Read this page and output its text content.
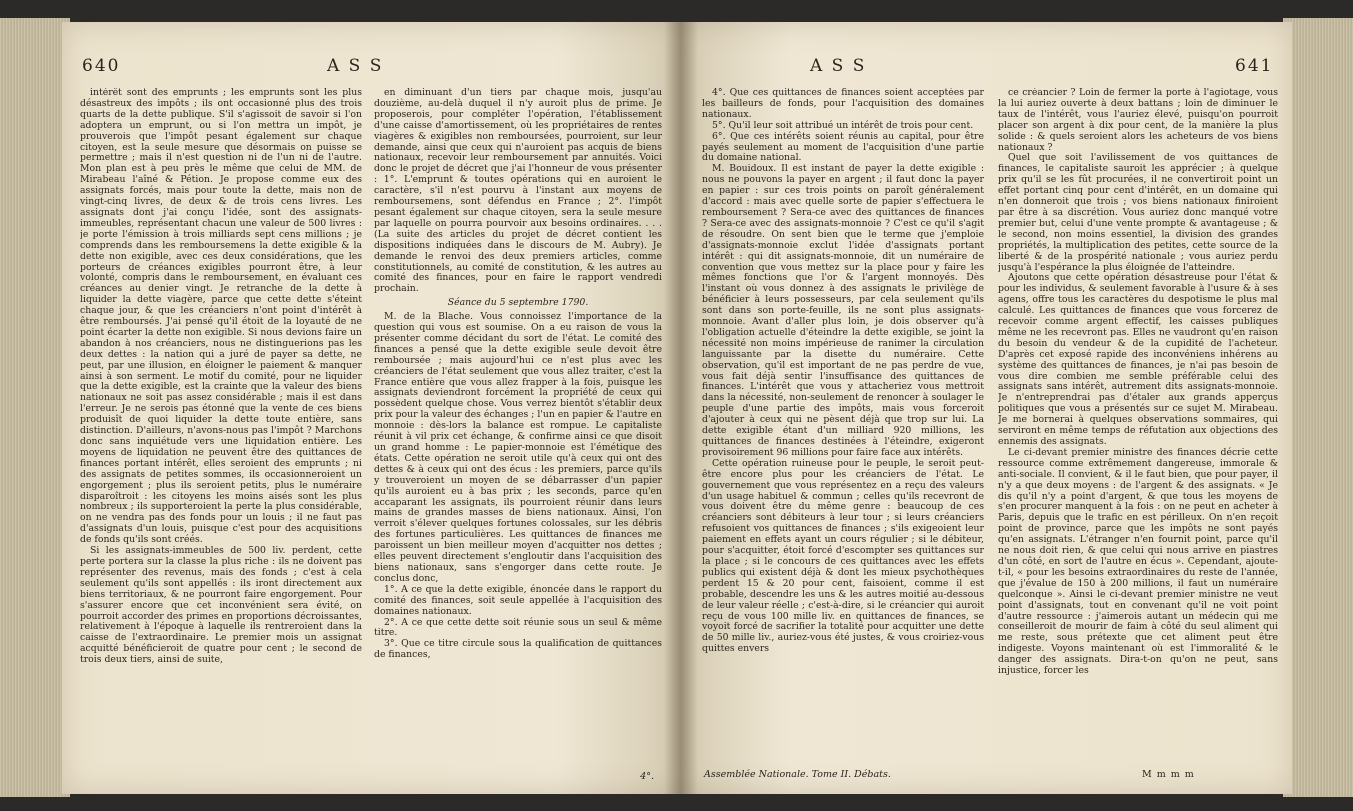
640	A S S

intérêt sont des emprunts ; les emprunts sont les plus désastreux des impôts ; ils ont occasionné plus des trois quarts de la dette publique. S'il s'agissoit de savoir si l'on adoptera un emprunt, ou si l'on mettra un impôt, je prouverois que l'impôt pesant également sur chaque citoyen, est la seule mesure que désormais on puisse se permettre ; mais il n'est question ni de l'un ni de l'autre. Mon plan est à peu près le même que celui de MM. de Mirabeau l'aîné & Pétion. Je propose comme eux des assignats forcés, mais pour toute la dette, mais non de vingt-cinq livres, de deux & de trois cens livres. Les assignats dont j'ai conçu l'idée, sont des assignats-immeubles, représentant chacun une valeur de 500 livres : je porte l'émission à trois milliards sept cens millions ; je comprends dans les remboursemens la dette exigible & la dette non exigible, avec ces deux considérations, que les porteurs de créances exigibles pourront être, à leur volonté, compris dans le remboursement, en évaluant ces créances au denier vingt. Je retranche de la dette à liquider la dette viagère, parce que cette dette s'éteint chaque jour, & que les créanciers n'ont point d'intérêt à être remboursés. J'ai pensé qu'il étoit de la loyauté de ne point écarter la dette non exigible. Si nous devions faire un abandon à nos créanciers, nous ne distinguerions pas les deux dettes : la nation qui a juré de payer sa dette, ne peut, par une illusion, en éloigner le paiement & manquer ainsi à son serment. Le motif du comité, pour ne liquider que la dette exigible, est la crainte que la valeur des biens nationaux ne soit pas assez considérable ; mais il est dans l'erreur. Je ne serois pas étonné que la vente de ces biens produisît de quoi liquider la dette toute entière, sans distinction. D'ailleurs, n'avons-nous pas l'impôt ? Marchons donc sans inquiétude vers une liquidation entière. Les moyens de liquidation ne peuvent être des quittances de finances portant intérêt, elles seroient des emprunts ; ni des assignats de petites sommes, ils occasionneroient un engorgement ; plus ils seroient petits, plus le numéraire disparoîtroit : les citoyens les moins aisés sont les plus nombreux ; ils supporteroient la perte la plus considérable, on ne vendra pas des fonds pour un louis ; il ne faut pas d'assignats d'un louis, puisque c'est pour des acquisitions de fonds qu'ils sont créés.

Si les assignats-immeubles de 500 liv. perdent, cette perte portera sur la classe la plus riche : ils ne doivent pas représenter des revenus, mais des fonds ; c'est à cela seulement qu'ils sont appellés : ils iront directement aux biens territoriaux, & ne pourront faire engorgement. Pour s'assurer encore que cet inconvénient sera évité, on pourroit accorder des primes en proportions décroissantes, relativement à l'époque à laquelle ils rentreroient dans la caisse de l'extraordinaire. Le premier mois un assignat acquitté bénéficieroit de quatre pour cent ; le second de trois deux tiers, ainsi de suite,

en diminuant d'un tiers par chaque mois, jusqu'au douzième, au-delà duquel il n'y auroit plus de prime. Je proposerois, pour compléter l'opération, l'établissement d'une caisse d'amortissement, où les propriétaires de rentes viagères & exigibles non remboursées, pourroient, sur leur demande, ainsi que ceux qui n'auroient pas acquis de biens nationaux, recevoir leur remboursement par annuités. Voici donc le projet de décret que j'ai l'honneur de vous présenter : 1°. L'emprunt & toutes opérations qui en auroient le caractère, s'il n'est pourvu à l'instant aux moyens de remboursemens, sont défendus en France ; 2°. l'impôt pesant également sur chaque citoyen, sera la seule mesure par laquelle on pourra pourvoir aux besoins ordinaires. . . . (La suite des articles du projet de décret contient les dispositions indiquées dans le discours de M. Aubry). Je demande le renvoi des deux premiers articles, comme constitutionnels, au comité de constitution, & les autres au comité des finances, pour en faire le rapport vendredi prochain.

Séance du 5 septembre 1790.

M. de la Blache. Vous connoissez l'importance de la question qui vous est soumise. On a eu raison de vous la présenter comme décidant du sort de l'état. Le comité des finances a pensé que la dette exigible seule devoit être remboursée ; mais aujourd'hui ce n'est plus avec les créanciers de l'état seulement que vous allez traiter, c'est la France entière que vous allez frapper à la fois, puisque les assignats deviendront forcément la propriété de ceux qui possèdent quelque chose. Vous verrez bientôt s'établir deux prix pour la valeur des échanges ; l'un en papier & l'autre en monnoie : dès-lors la balance est rompue. Le capitaliste réunit à vil prix cet échange, & confirme ainsi ce que disoit un grand homme : Le papier-monnoie est l'émétique des états. Cette opération ne seroit utile qu'à ceux qui ont des dettes & à ceux qui ont des écus : les premiers, parce qu'ils y trouveroient un moyen de se débarrasser d'un papier qu'ils auroient eu à bas prix ; les seconds, parce qu'en accaparant les assignats, ils pourroient réunir dans leurs mains de grandes masses de biens nationaux. Ainsi, l'on verroit s'élever quelques fortunes colossales, sur les débris des fortunes particulières. Les quittances de finances me paroissent un bien meilleur moyen d'acquitter nos dettes ; elles peuvent directement s'engloutir dans l'acquisition des biens nationaux, sans s'engorger dans cette route. Je conclus donc,

1°. A ce que la dette exigible, énoncée dans le rapport du comité des finances, soit seule appellée à l'acquisition des domaines nationaux.

2°. A ce que cette dette soit réunie sous un seul & même titre.

3°. Que ce titre circule sous la qualification de quittances de finances,

4°.
A S S	641

4°. Que ces quittances de finances soient acceptées par les bailleurs de fonds, pour l'acquisition des domaines nationaux.

5°. Qu'il leur soit attribué un intérêt de trois pour cent.

6°. Que ces intérêts soient réunis au capital, pour être payés seulement au moment de l'acquisition d'une partie du domaine national.

M. Bouidoux. Il est instant de payer la dette exigible : nous ne pouvons la payer en argent ; il faut donc la payer en papier : sur ces trois points on paroît généralement d'accord : mais avec quelle sorte de papier s'effectuera le remboursement ? Sera-ce avec des quittances de finances ? Sera-ce avec des assignats-monnoie ? C'est ce qu'il s'agit de résoudre. On sent bien que le terme que j'emploie d'assignats-monnoie exclut l'idée d'assignats portant intérêt : qui dit assignats-monnoie, dit un numéraire de convention que vous mettez sur la place pour y faire les mêmes fonctions que l'or & l'argent monnoyés. Dès l'instant où vous donnez à des assignats le privilège de bénéficier à leurs possesseurs, par cela seulement qu'ils sont dans son porte-feuille, ils ne sont plus assignats-monnoie. Avant d'aller plus loin, je dois observer qu'à l'obligation actuelle d'éteindre la dette exigible, se joint la nécessité non moins impérieuse de ranimer la circulation languissante par la disette du numéraire. Cette observation, qu'il est important de ne pas perdre de vue, vous fait déjà sentir l'insuffisance des quittances de finances. L'intérêt que vous y attacheriez vous mettroit dans la nécessité, non-seulement de renoncer à soulager le peuple d'une partie des impôts, mais vous forceroit d'ajouter à ceux qui ne pèsent déjà que trop sur lui. La dette exigible étant d'un milliard 920 millions, les quittances de finances destinées à l'éteindre, exigeront provisoirement 96 millions pour faire face aux intérêts.

Cette opération ruineuse pour le peuple, le seroit peut-être encore plus pour les créanciers de l'état. Le gouvernement que vous représentez en a reçu des valeurs d'un usage habituel & commun ; celles qu'ils recevront de vous doivent être du même genre : beaucoup de ces créanciers sont débiteurs à leur tour ; si leurs créanciers refusoient vos quittances de finances ; s'ils exigeoient leur paiement en effets ayant un cours régulier ; si le débiteur, pour s'acquitter, étoit forcé d'escompter ses quittances sur la place ; si le concours de ces quittances avec les effets publics qui existent déjà & dont les mieux psychothèques perdent 15 & 20 pour cent, faisoient, comme il est probable, descendre les uns & les autres moitié au-dessous de leur valeur réelle ; c'est-à-dire, si le créancier qui auroit reçu de vous 100 mille liv. en quittances de finances, se voyoit forcé de sacrifier la totalité pour acquitter une dette de 50 mille liv., auriez-vous été justes, & vous croiriez-vous quittes envers

ce créancier ? Loin de fermer la porte à l'agiotage, vous la lui auriez ouverte à deux battans ; loin de diminuer le taux de l'intérêt, vous l'auriez élevé, puisqu'on pourroit placer son argent à dix pour cent, de la manière la plus solide : & quels seroient alors les acheteurs de vos biens nationaux ?

Quel que soit l'avilissement de vos quittances de finances, le capitaliste sauroit les apprécier ; à quelque prix qu'il se les fût procurées, il ne convertiroit point un effet portant cinq pour cent d'intérêt, en un domaine qui n'en donneroit que trois ; vos biens nationaux finiroient par être à sa discrétion. Vous auriez donc manqué votre premier but, celui d'une vente prompte & avantageuse ; & le second, non moins essentiel, la division des grandes propriétés, la multiplication des petites, cette source de la liberté & de la prospérité nationale ; vous auriez perdu jusqu'à l'espérance la plus éloignée de l'atteindre.

Ajoutons que cette opération désastreuse pour l'état & pour les individus, & seulement favorable à l'usure & à ses agens, offre tous les caractères du despotisme le plus mal calculé. Les quittances de finances que vous forcerez de recevoir comme argent effectif, les caisses publiques même ne les recevront pas. Elles ne vaudront qu'en raison du besoin du vendeur & de la cupidité de l'acheteur. D'après cet exposé rapide des inconvéniens inhérens au système des quittances de finances, je n'ai pas besoin de vous dire combien me semble préférable celui des assignats sans intérêt, autrement dits assignats-monnoie. Je n'entreprendrai pas d'étaler aux grands apperçus politiques que vous a présentés sur ce sujet M. Mirabeau. Je me bornerai à quelques observations sommaires, qui serviront en même temps de réfutation aux objections des ennemis des assignats.

Le ci-devant premier ministre des finances décrie cette ressource comme extrêmement dangereuse, immorale & anti-sociale. Il convient, & il le faut bien, que pour payer, il n'y a que deux moyens : de l'argent & des assignats. « Je dis qu'il n'y a point d'argent, & que tous les moyens de s'en procurer manquent à la fois : on ne peut en acheter à Paris, depuis que le trafic en est périlleux. On n'en reçoit point de province, parce que les impôts ne sont payés qu'en assignats. L'étranger n'en fournit point, parce qu'il ne nous doit rien, & que celui qui nous arrive en piastres d'un côté, en sort de l'autre en écus ». Cependant, ajoute-t-il, « pour les besoins extraordinaires du reste de l'année, que j'évalue de 150 à 200 millions, il faut un numéraire quelconque ». Ainsi le ci-devant premier ministre ne veut point d'assignats, tout en convenant qu'il ne voit point d'autre ressource : j'aimerois autant un médecin qui me conseilleroit de mourir de faim à côté du seul aliment qui me reste, sous prétexte que cet aliment peut être indigeste. Voyons maintenant où est l'immoralité & le danger des assignats. Dira-t-on qu'on ne peut, sans injustice, forcer les

Assemblée Nationale. Tome II. Débats.	M m m m
